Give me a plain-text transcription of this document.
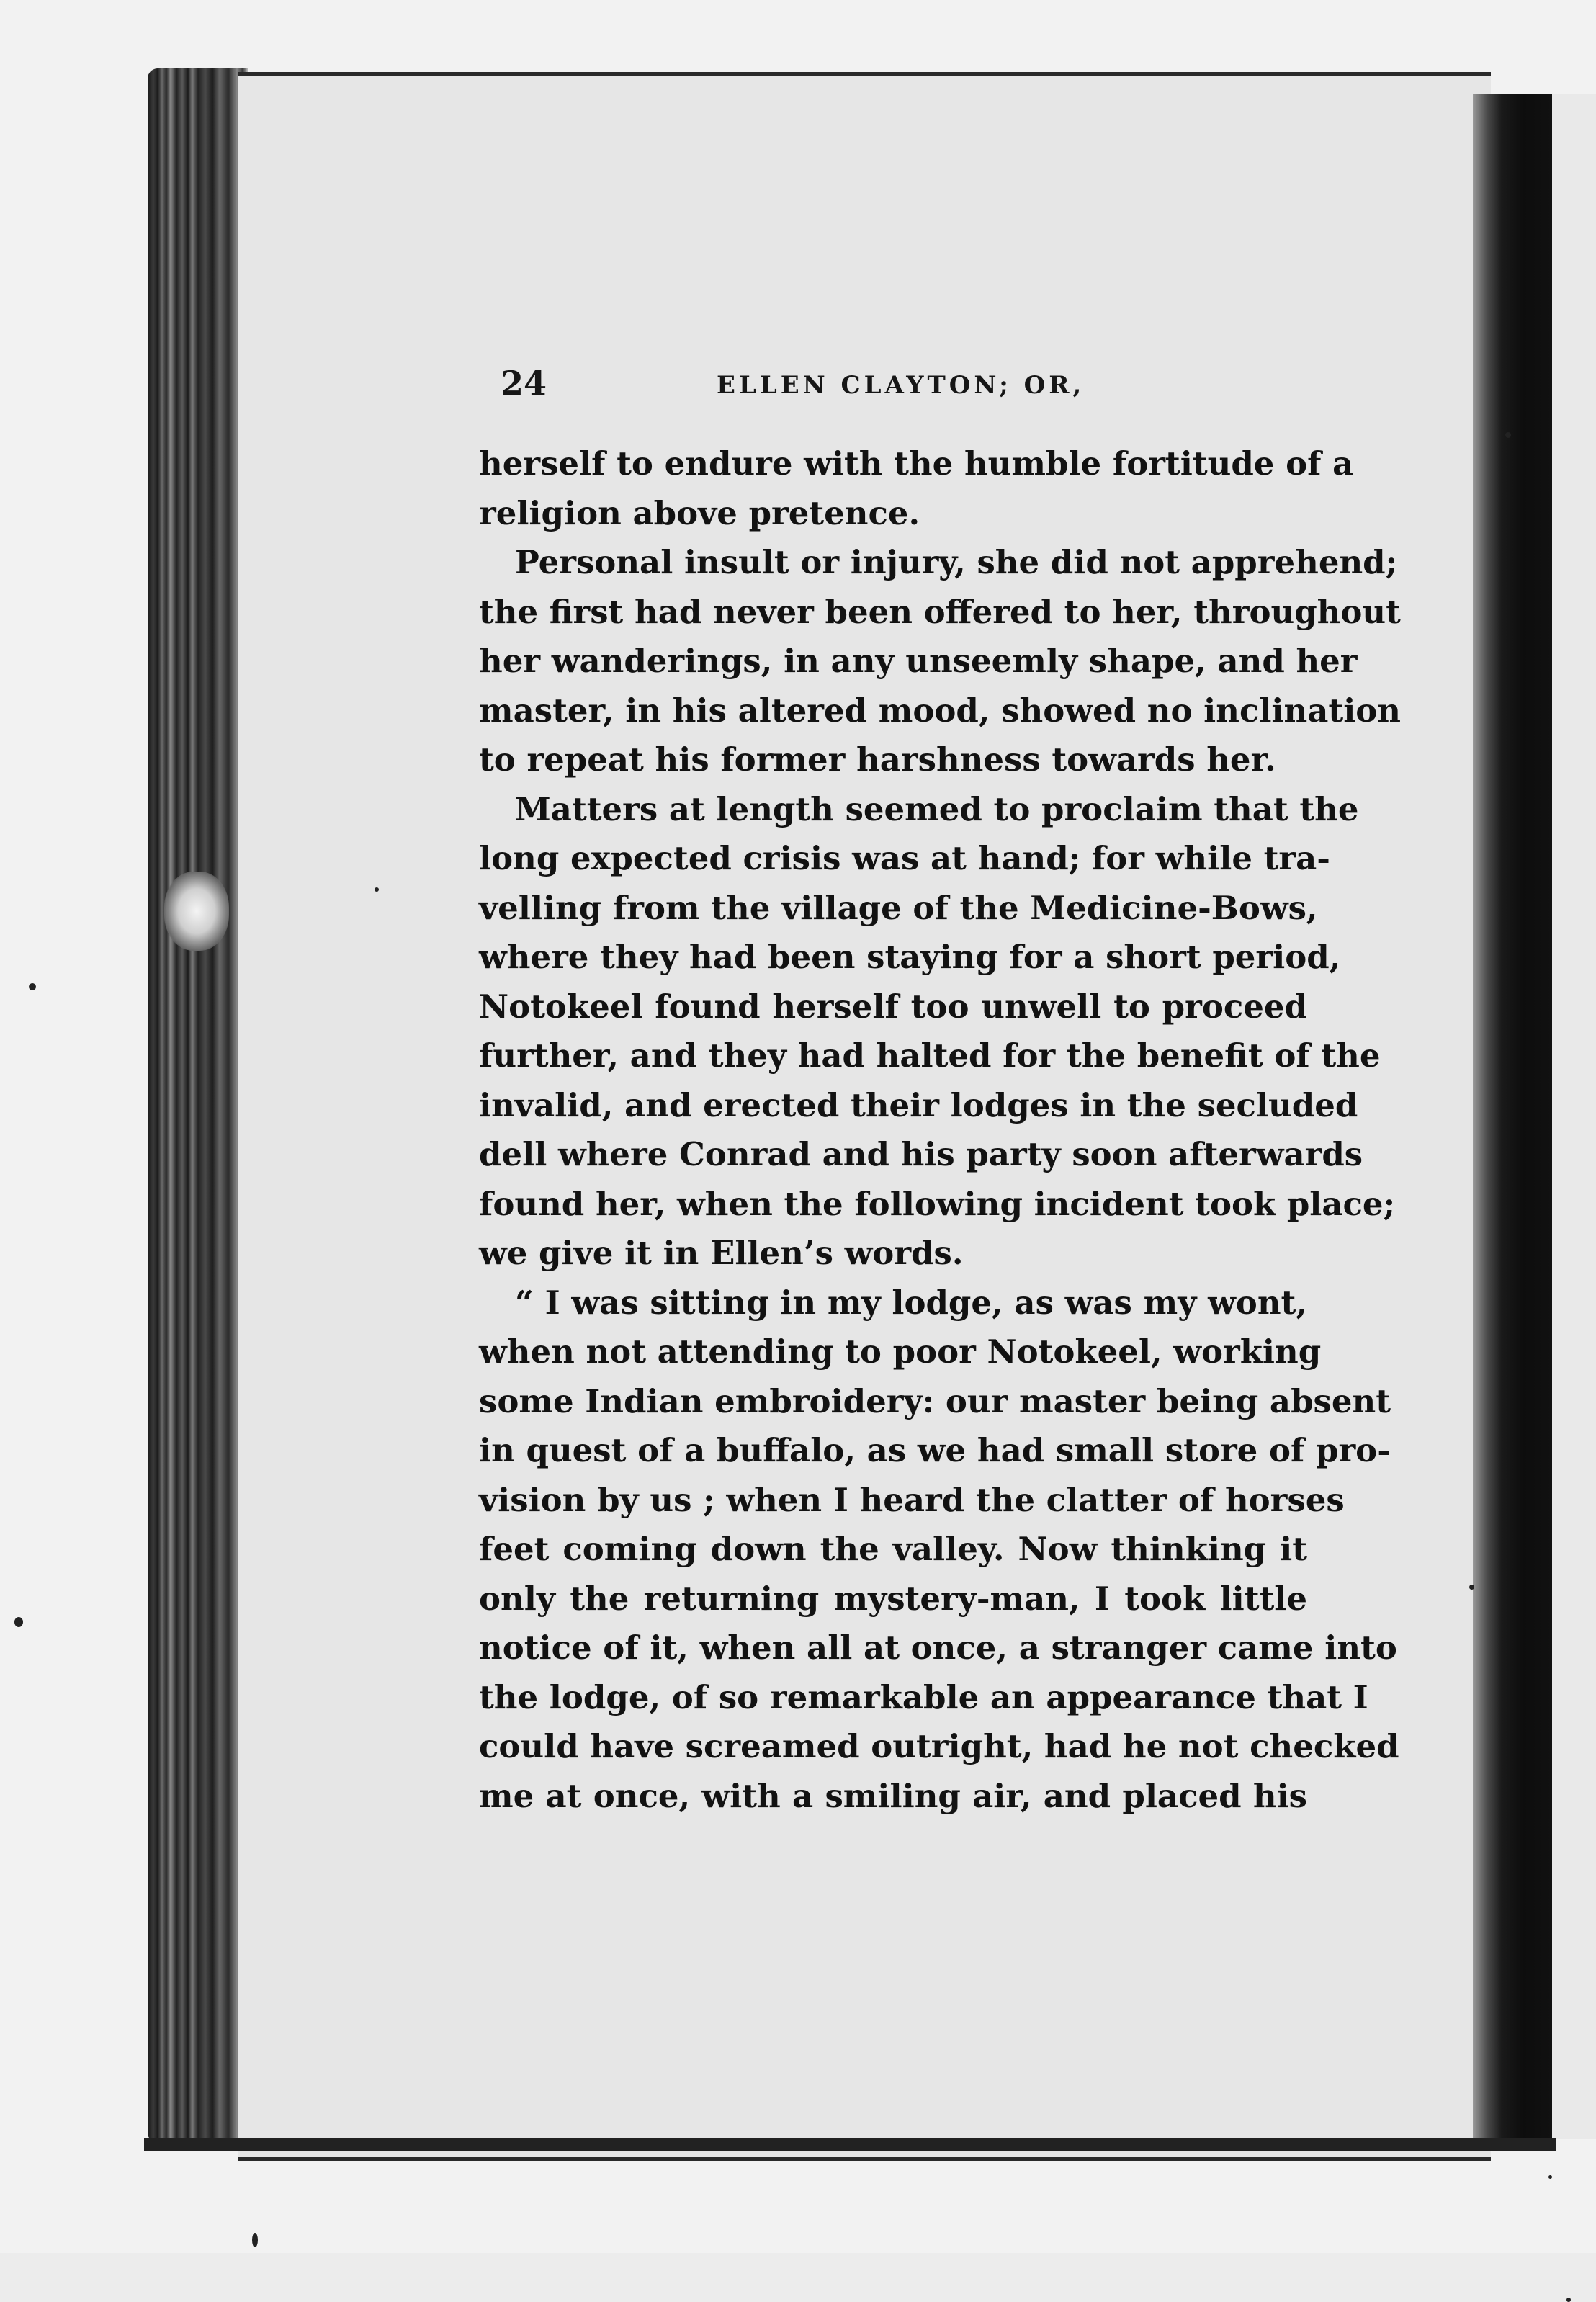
24	ELLEN CLAYTON; OR,
herself to endure with the humble fortitude of a
religion above pretence.
Personal insult or injury, she did not apprehend;
the first had never been offered to her, throughout
her wanderings, in any unseemly shape, and her
master, in his altered mood, showed no inclination
to repeat his former harshness towards her.
Matters at length seemed to proclaim that the
long expected crisis was at hand; for while tra-
velling from the village of the Medicine-Bows,
where they had been staying for a short period,
Notokeel found herself too unwell to proceed
further, and they had halted for the benefit of the
invalid, and erected their lodges in the secluded
dell where Conrad and his party soon afterwards
found her, when the following incident took place;
we give it in Ellen’s words.
“ I was sitting in my lodge, as was my wont,
when not attending to poor Notokeel, working
some Indian embroidery: our master being absent
in quest of a buffalo, as we had small store of pro-
vision by us ; when I heard the clatter of horses
feet coming down the valley. Now thinking it
only the returning mystery-man, I took little
notice of it, when all at once, a stranger came into
the lodge, of so remarkable an appearance that I
could have screamed outright, had he not checked
me at once, with a smiling air, and placed his
